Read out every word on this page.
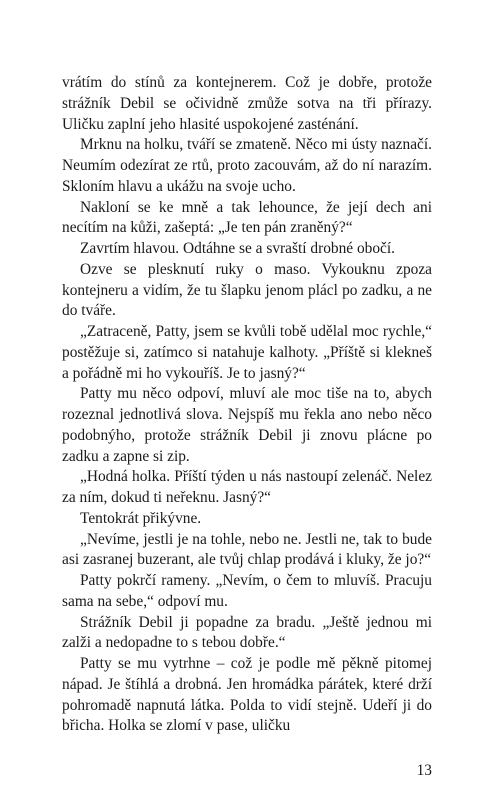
vrátím do stínů za kontejnerem. Což je dobře, protože strážník Debil se očividně zmůže sotva na tři přírazy. Uličku zaplní jeho hlasité uspokojené zasténání.

Mrknu na holku, tváří se zmateně. Něco mi ústy naznačí. Neumím odezírat ze rtů, proto zacouvám, až do ní narazím. Skloním hlavu a ukážu na svoje ucho.

Nakloní se ke mně a tak lehounce, že její dech ani necítím na kůži, zašeptá: „Je ten pán zraněný?“

Zavrtím hlavou. Odtáhne se a svraští drobné obočí.

Ozve se plesknutí ruky o maso. Vykouknu zpoza kontejneru a vidím, že tu šlapku jenom plácl po zadku, a ne do tváře.

„Zatraceně, Patty, jsem se kvůli tobě udělal moc rychle,“ postěžuje si, zatímco si natahuje kalhoty. „Příště si klekneš a pořádně mi ho vykouříš. Je to jasný?“

Patty mu něco odpoví, mluví ale moc tiše na to, abych rozeznal jednotlivá slova. Nejspíš mu řekla ano nebo něco podobnýho, protože strážník Debil ji znovu plácne po zadku a zapne si zip.

„Hodná holka. Příští týden u nás nastoupí zelenáč. Nelez za ním, dokud ti neřeknu. Jasný?“

Tentokrát přikývne.

„Nevíme, jestli je na tohle, nebo ne. Jestli ne, tak to bude asi zasranej buzerant, ale tvůj chlap prodává i kluky, že jo?“

Patty pokrčí rameny. „Nevím, o čem to mluvíš. Pracuju sama na sebe,“ odpoví mu.

Strážník Debil ji popadne za bradu. „Ještě jednou mi zalži a nedopadne to s tebou dobře.“

Patty se mu vytrhne – což je podle mě pěkně pitomej nápad. Je štíhlá a drobná. Jen hromádka párátek, které drží pohromadě napnutá látka. Polda to vidí stejně. Udeří ji do břicha. Holka se zlomí v pase, uličku

13
